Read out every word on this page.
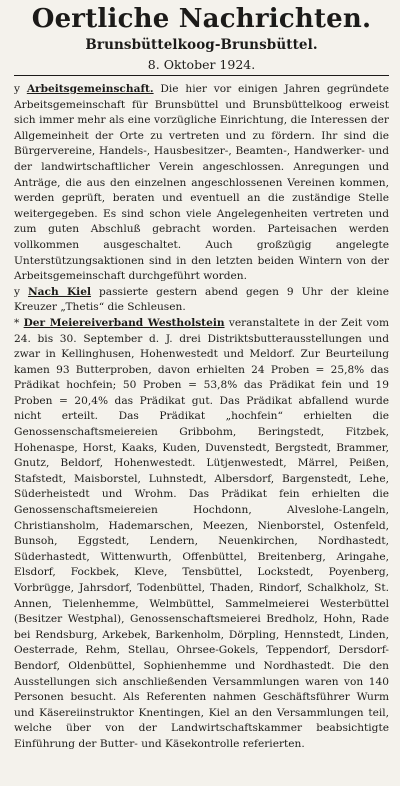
Oertliche Nachrichten.
Brunsbüttelkoog-Brunsbüttel.
8. Oktober 1924.

y Arbeitsgemeinschaft. Die hier vor einigen Jahren gegründete Arbeitsgemeinschaft für Brunsbüttel und Brunsbüttelkoog erweist sich immer mehr als eine vorzügliche Einrichtung, die Interessen der Allgemeinheit der Orte zu vertreten und zu fördern. Ihr sind die Bürgervereine, Handels-, Hausbesitzer-, Beamten-, Handwerker- und der landwirtschaftlicher Verein angeschlossen. Anregungen und Anträge, die aus den einzelnen angeschlossenen Vereinen kommen, werden geprüft, beraten und eventuell an die zuständige Stelle weitergegeben. Es sind schon viele Angelegenheiten vertreten und zum guten Abschluß gebracht worden. Parteisachen werden vollkommen ausgeschaltet. Auch großzügig angelegte Unterstützungsaktionen sind in den letzten beiden Wintern von der Arbeitsgemeinschaft durchgeführt worden.

y Nach Kiel passierte gestern abend gegen 9 Uhr der kleine Kreuzer „Thetis“ die Schleusen.

* Der Meiereiverband Westholstein veranstaltete in der Zeit vom 24. bis 30. September d. J. drei Distriktsbutterausstellungen und zwar in Kellinghusen, Hohenwestedt und Meldorf. Zur Beurteilung kamen 93 Butterproben, davon erhielten 24 Proben = 25,8% das Prädikat hochfein; 50 Proben = 53,8% das Prädikat fein und 19 Proben = 20,4% das Prädikat gut. Das Prädikat abfallend wurde nicht erteilt. Das Prädikat „hochfein“ erhielten die Genossenschaftsmeiereien Gribbohm, Beringstedt, Fitzbek, Hohenaspe, Horst, Kaaks, Kuden, Duvenstedt, Bergstedt, Brammer, Gnutz, Beldorf, Hohenwestedt. Lütjenwestedt, Märrel, Peißen, Stafstedt, Maisborstel, Luhnstedt, Albersdorf, Bargenstedt, Lehe, Süderheistedt und Wrohm. Das Prädikat fein erhielten die Genossenschaftsmeiereien Hochdonn, Alveslohe-Langeln, Christiansholm, Hademarschen, Meezen, Nienborstel, Ostenfeld, Bunsoh, Eggstedt, Lendern, Neuenkirchen, Nordhastedt, Süderhastedt, Wittenwurth, Offenbüttel, Breitenberg, Aringahe, Elsdorf, Fockbek, Kleve, Tensbüttel, Lockstedt, Poyenberg, Vorbrügge, Jahrsdorf, Todenbüttel, Thaden, Rindorf, Schalkholz, St. Annen, Tielenhemme, Welmbüttel, Sammelmeierei Westerbüttel (Besitzer Westphal), Genossenschaftsmeierei Bredholz, Hohn, Rade bei Rendsburg, Arkebek, Barkenholm, Dörpling, Hennstedt, Linden, Oesterrade, Rehm, Stellau, Ohrsee-Gokels, Teppendorf, Dersdorf-Bendorf, Oldenbüttel, Sophienhemme und Nordhastedt. Die den Ausstellungen sich anschließenden Versammlungen waren von 140 Personen besucht. Als Referenten nahmen Geschäftsführer Wurm und Käsereiinstruktor Knentingen, Kiel an den Versammlungen teil, welche über von der Landwirtschaftskammer beabsichtigte Einführung der Butter- und Käsekontrolle referierten.
